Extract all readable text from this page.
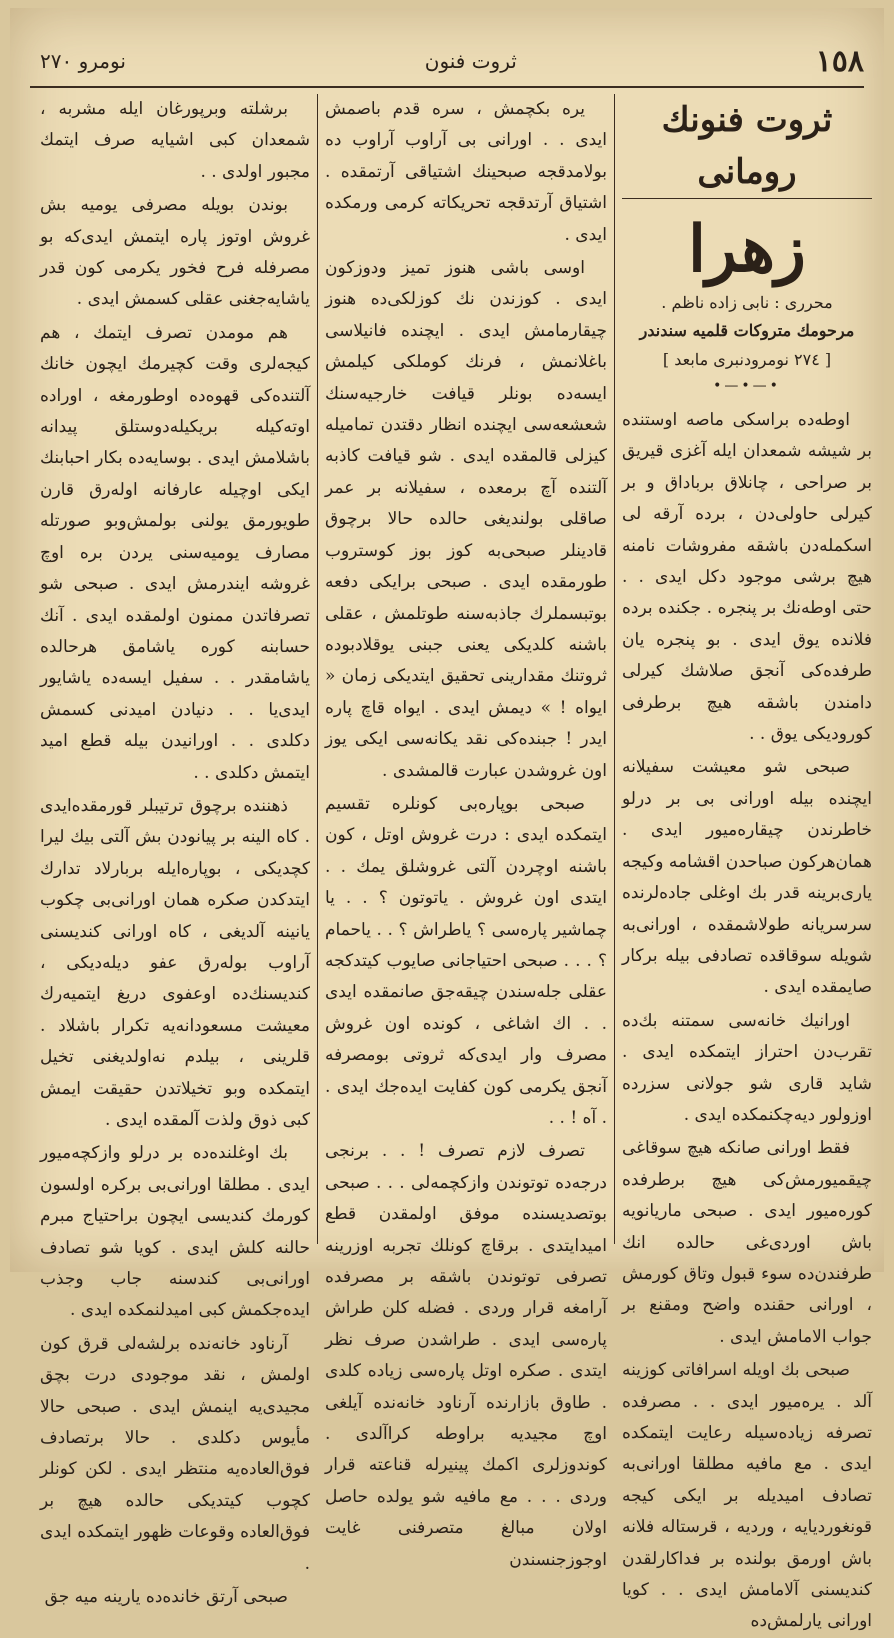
١٥٨
ثروت فنون
نومرو ٢٧٠
ثروت فنونك رومانى
زهرا
محررى : نابى زاده ناظم .
مرحومك متروكات قلميه سندندر
[ ٢٧٤ نومرودنبرى مابعد ]
•—•—•

اوطه‌ده براسكى ماصه اوستنده بر شيشه شمعدان ايله آغزى قيريق بر صراحى ، چانلاق برباداق و بر كيرلى حاولى‌دن ، برده آرقه لى اسكمله‌دن باشقه مفروشات نامنه هيچ برشى موجود دكل ايدى . . حتى اوطه‌نك بر پنجره . جكنده برده فلانده يوق ايدى . بو پنجره يان طرفده‌كى آنجق صلاشك كيرلى دامندن باشقه هيچ برطرفى كوروديكى يوق . .

صبحى شو معيشت سفيلانه ايچنده بيله اورانى بى بر درلو خاطرندن چيقاره‌ميور ايدى . همان‌هركون صباحدن اقشامه وكيجه يارى‌برينه قدر بك اوغلى جاده‌لرنده سرسريانه طولاشمقده ، اورانى‌به شويله سوقاقده تصادفى بيله بركار صايمقده ايدى .

اورانيك خانه‌سى سمتنه بك‌ده تقرب‌دن احتراز ايتمكده ايدى . شايد قارى شو جولانى سزرده اوزولور ديه‌چكنمكده ايدى .

فقط اورانى صانكه هيچ سوقاغى چيقميورمش‌كى هيچ برطرفده كوره‌ميور ايدى . صبحى ماريانو‌يه باش اوردى‌غى حالده انك طرفندن‌ده سوء قبول وتاق كورمش ، اورانى حقنده واضح ومقنع بر جواب الامامش ايدى .

صبحى بك اويله اسرافاتى كوزينه آلد . يره‌ميور ايدى . . مصرفده تصرفه زياده‌سيله رعايت ايتمكده ايدى . مع مافيه مطلقا اورانى‌به تصادف اميديله بر ايكى كيجه قونغورديايه ، ورديه ، قرستاله فلانه باش اورمق بولنده بر فداكارلقدن كنديسنى آلامامش ايدى . . كويا اورانى يارلمش‌ده

يره بكچمش ، سره قدم باصمش ايدى . . اورانى بى آراوب آراوب ده بولامدقجه صبحينك اشتياقى آرتمقده . اشتياق آرتدقجه تحريكاته كرمى ورمكده ايدى .

اوسى باشى هنوز تميز ودوزكون ايدى . كوزندن نك كوزلكى‌ده هنوز چيقارمامش ايدى . ايچنده فانيلاسى باغلانمش ، فرنك كوملكى كيلمش ايسه‌ده بونلر قيافت خارجيه‌سنك شعشعه‌سى ايچنده انظار دقتدن تماميله كيزلى قالمقده ايدى . شو قيافت كاذبه آلتنده آچ برمعده ، سفيلانه بر عمر صاقلى بولنديغى حالده حالا برچوق قادينلر صبحى‌به كوز بوز كوستروب طورمقده ايدى . صبحى برايكى دفعه بوتبسملرك جاذبه‌سنه طوتلمش ، عقلى باشنه كلديكى يعنى جبنى يوقلادبوده ثروتنك مقدارينى تحقيق ايتديكى زمان « ايواه ! » ديمش ايدى . ايواه قاچ پاره ايدر ! جبنده‌كى نقد يكانه‌سى ايكى يوز اون غروشدن عبارت قالمشدى .

صبحى بوپاره‌بى كونلره تقسيم ايتمكده ايدى : درت غروش اوتل ، كون باشنه اوچردن آلتى غروشلق يمك . . ايتدى اون غروش . ياتوتون ؟ . . يا چماشير پاره‌سى ؟ ياطراش ؟ . . ياحمام ؟ . . . صبحى احتياجانى صايوب كيتدكجه عقلى جله‌سندن چيقه‌جق صانمقده ايدى . . اك اشاغى ، كونده اون غروش مصرف وار ايدى‌كه ثروتى بومصرفه آنجق يكرمى كون كفايت ايده‌جك ايدى . . آه ! . .

تصرف لازم تصرف ! . . برنجى درجه‌ده توتوندن وازكچمه‌لى . . . صبحى بوتصديسنده موفق اولمقدن قطع اميدايتدى . برقاچ كونلك تجربه اوزرينه تصرفى توتوندن باشقه بر مصرفده آرامغه قرار وردى . فضله كلن طراش پاره‌سى ايدى . طراشدن صرف نظر ايتدى . صكره اوتل پاره‌سى زياده كلدى . طاوق بازارنده آرناود خانه‌نده آيلغى اوچ مجيديه براوطه كراآلدى . كوندوزلرى اكمك پينيرله قناعته قرار وردى . . . مع مافيه شو يولده حاصل اولان مبالغ متصرفنى غايت اوجوزجنسندن

برشلته وبرپورغان ايله مشربه ، شمعدان كبى اشيايه صرف ايتمك مجبور اولدى . .

بوندن بويله مصرفى يوميه بش غروش اوتوز پاره ايتمش ايدى‌كه بو مصرفله فرح فخور يكرمى كون قدر ياشايه‌جغنى عقلى كسمش ايدى .

هم مومدن تصرف ايتمك ، هم كيجه‌لرى وقت كچيرمك ايچون خانك آلتنده‌كى قهوه‌ده اوطورمغه ، اوراده اوته‌كيله بريكيله‌دوستلق پيدانه باشلامش ايدى . بوسايه‌ده بكار احبابنك ايكى اوچيله عارفانه اولەرق قارن طويورمق يولنى بولمش‌وبو صورتله مصارف يوميه‌سنى يردن بره اوچ غروشه ايندرمش ايدى . صبحى شو تصرفاتدن ممنون اولمقده ايدى . آنك حسابنه كوره ياشامق هرحالده ياشامقدر . . سفيل ايسه‌ده ياشايور ايدى‌يا . . دنيادن اميدنى كسمش دكلدى . . اورانيدن بيله قطع اميد ايتمش دكلدى . .

ذهننده برچوق ترتيبلر قورمقده‌ايدى . كاه الينه بر پيانودن بش آلتى بيك ليرا كچديكى ، بوپاره‌ايله بربارلاد تدارك ايتدكدن صكره همان اورانى‌بى چكوب يانينه آلديغى ، كاه اورانى كنديسنى آراوب بولەرق عفو ديله‌ديكى ، كنديسنك‌ده اوعفوى دريغ ايتميه‌رك معيشت مسعودانه‌يه تكرار باشلاد . قلرينى ، بيلدم نه‌اولديغنى تخيل ايتمكده وبو تخيلاتدن حقيقت ايمش كبى ذوق ولذت آلمقده ايدى .

بك اوغلنده‌ده بر درلو وازكچه‌ميور ايدى . مطلقا اورانى‌بى بركره اولسون كورمك كنديسى ايچون براحتياج مبرم حالنه كلش ايدى . كويا شو تصادف اورانى‌بى كندسنه جاب وجذب ايده‌جكمش كبى اميدلنمكده ايدى .

آرناود خانه‌نده برلشه‌لى قرق كون اولمش ، نقد موجودى درت بچق مجيدى‌يه اينمش ايدى . صبحى حالا مأيوس دكلدى . حالا برتصادف فوق‌العاده‌يه منتظر ايدى . لكن كونلر كچوب كيتديكى حالده هيچ بر فوق‌العاده وقوعات ظهور ايتمكده ايدى .

صبحى آرتق خانده‌ده يارينه ميه جق
